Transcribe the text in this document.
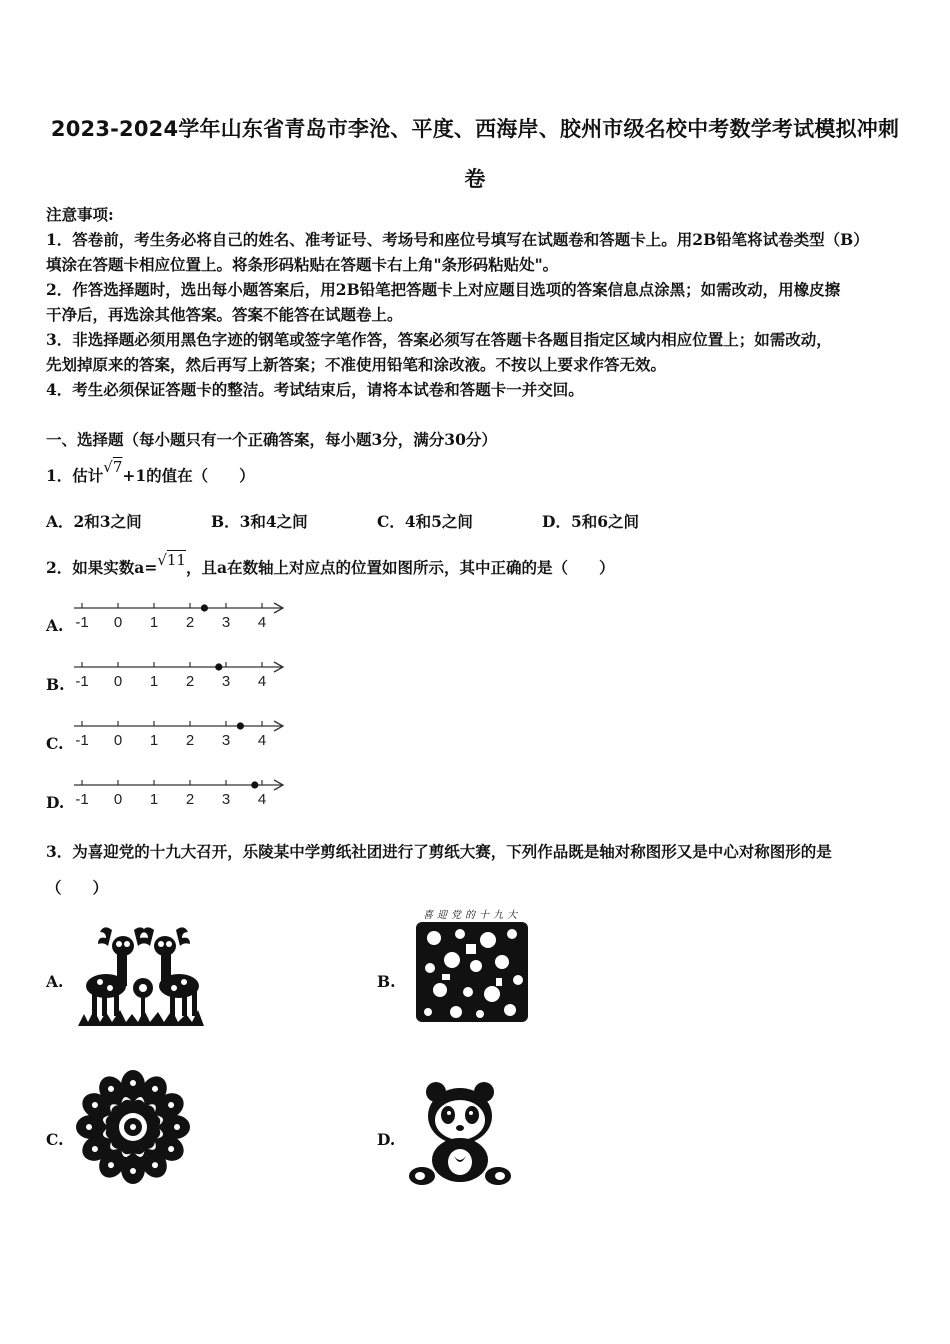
2023-2024学年山东省青岛市李沧、平度、西海岸、胶州市级名校中考数学考试模拟冲刺
卷
注意事项:
1．答卷前，考生务必将自己的姓名、准考证号、考场号和座位号填写在试题卷和答题卡上。用2B铅笔将试卷类型（B）
填涂在答题卡相应位置上。将条形码粘贴在答题卡右上角"条形码粘贴处"。
2．作答选择题时，选出每小题答案后，用2B铅笔把答题卡上对应题目选项的答案信息点涂黑；如需改动，用橡皮擦
干净后，再选涂其他答案。答案不能答在试题卷上。
3．非选择题必须用黑色字迹的钢笔或签字笔作答，答案必须写在答题卡各题目指定区域内相应位置上；如需改动，
先划掉原来的答案，然后再写上新答案；不准使用铅笔和涂改液。不按以上要求作答无效。
4．考生必须保证答题卡的整洁。考试结束后，请将本试卷和答题卡一并交回。
一、选择题（每小题只有一个正确答案，每小题3分，满分30分）
1．估计√7+1的值在（　　）
A．2和3之间	B．3和4之间	C．4和5之间	D．5和6之间
2．如果实数a=√11，且a在数轴上对应点的位置如图所示，其中正确的是（　　）
A. -1 0 1 2 3 4
B. -1 0 1 2 3 4
C. -1 0 1 2 3 4
D. -1 0 1 2 3 4
3．为喜迎党的十九大召开，乐陵某中学剪纸社团进行了剪纸大赛，下列作品既是轴对称图形又是中心对称图形的是
（　　）
A.	B.
喜迎党的十九大
C.	D.
